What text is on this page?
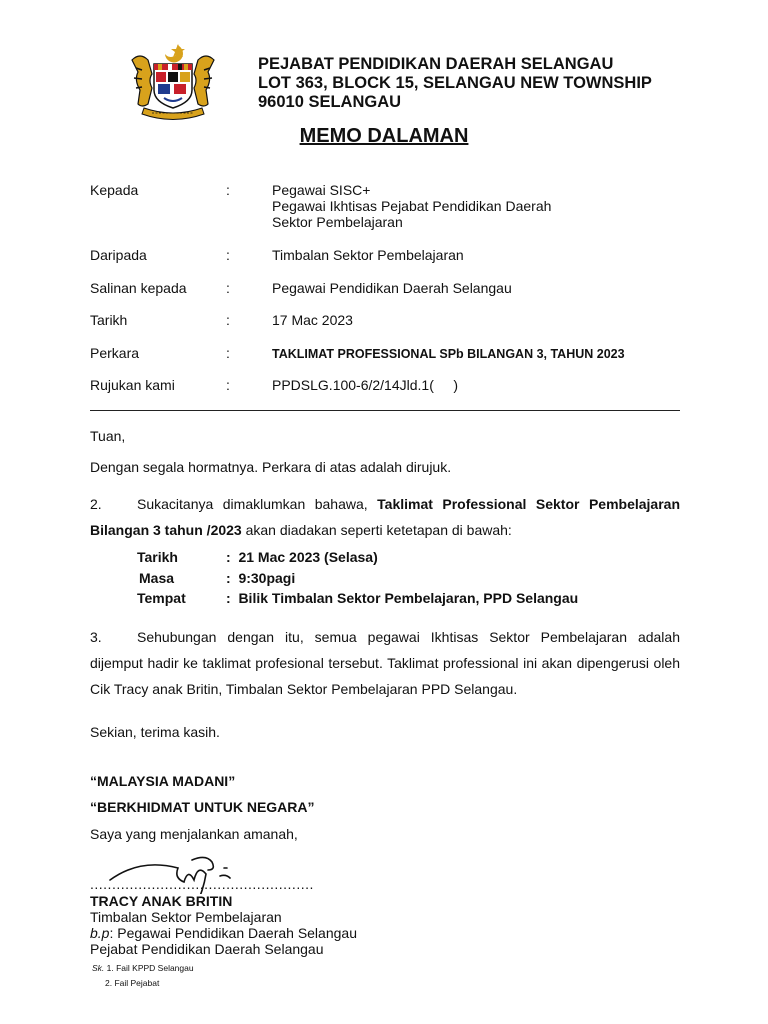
PEJABAT PENDIDIKAN DAERAH SELANGAU
LOT 363, BLOCK 15, SELANGAU NEW TOWNSHIP
96010 SELANGAU
MEMO DALAMAN
Kepada	:	Pegawai SISC+
Pegawai Ikhtisas Pejabat Pendidikan Daerah
Sektor Pembelajaran
Daripada	:	Timbalan Sektor Pembelajaran
Salinan kepada	:	Pegawai Pendidikan Daerah Selangau
Tarikh	:	17 Mac 2023
Perkara	:	TAKLIMAT PROFESSIONAL SPb BILANGAN 3, TAHUN 2023
Rujukan kami	:	PPDSLG.100-6/2/14Jld.1(     )
Tuan,
Dengan segala hormatnya. Perkara di atas adalah dirujuk.
2.	Sukacitanya dimaklumkan bahawa, Taklimat Professional Sektor Pembelajaran Bilangan 3 tahun /2023 akan diadakan seperti ketetapan di bawah:
Tarikh	:  21 Mac 2023 (Selasa)
Masa	:  9:30pagi
Tempat	:  Bilik Timbalan Sektor Pembelajaran, PPD Selangau
3.	Sehubungan dengan itu, semua pegawai Ikhtisas Sektor Pembelajaran adalah dijemput hadir ke taklimat profesional tersebut. Taklimat professional ini akan dipengerusi oleh Cik Tracy anak Britin, Timbalan Sektor Pembelajaran PPD Selangau.
Sekian, terima kasih.
“MALAYSIA MADANI”
“BERKHIDMAT UNTUK NEGARA”
Saya yang menjalankan amanah,
...................................................
TRACY ANAK BRITIN
Timbalan Sektor Pembelajaran
b.p: Pegawai Pendidikan Daerah Selangau
Pejabat Pendidikan Daerah Selangau
Sk. 1. Fail KPPD Selangau
2. Fail Pejabat
